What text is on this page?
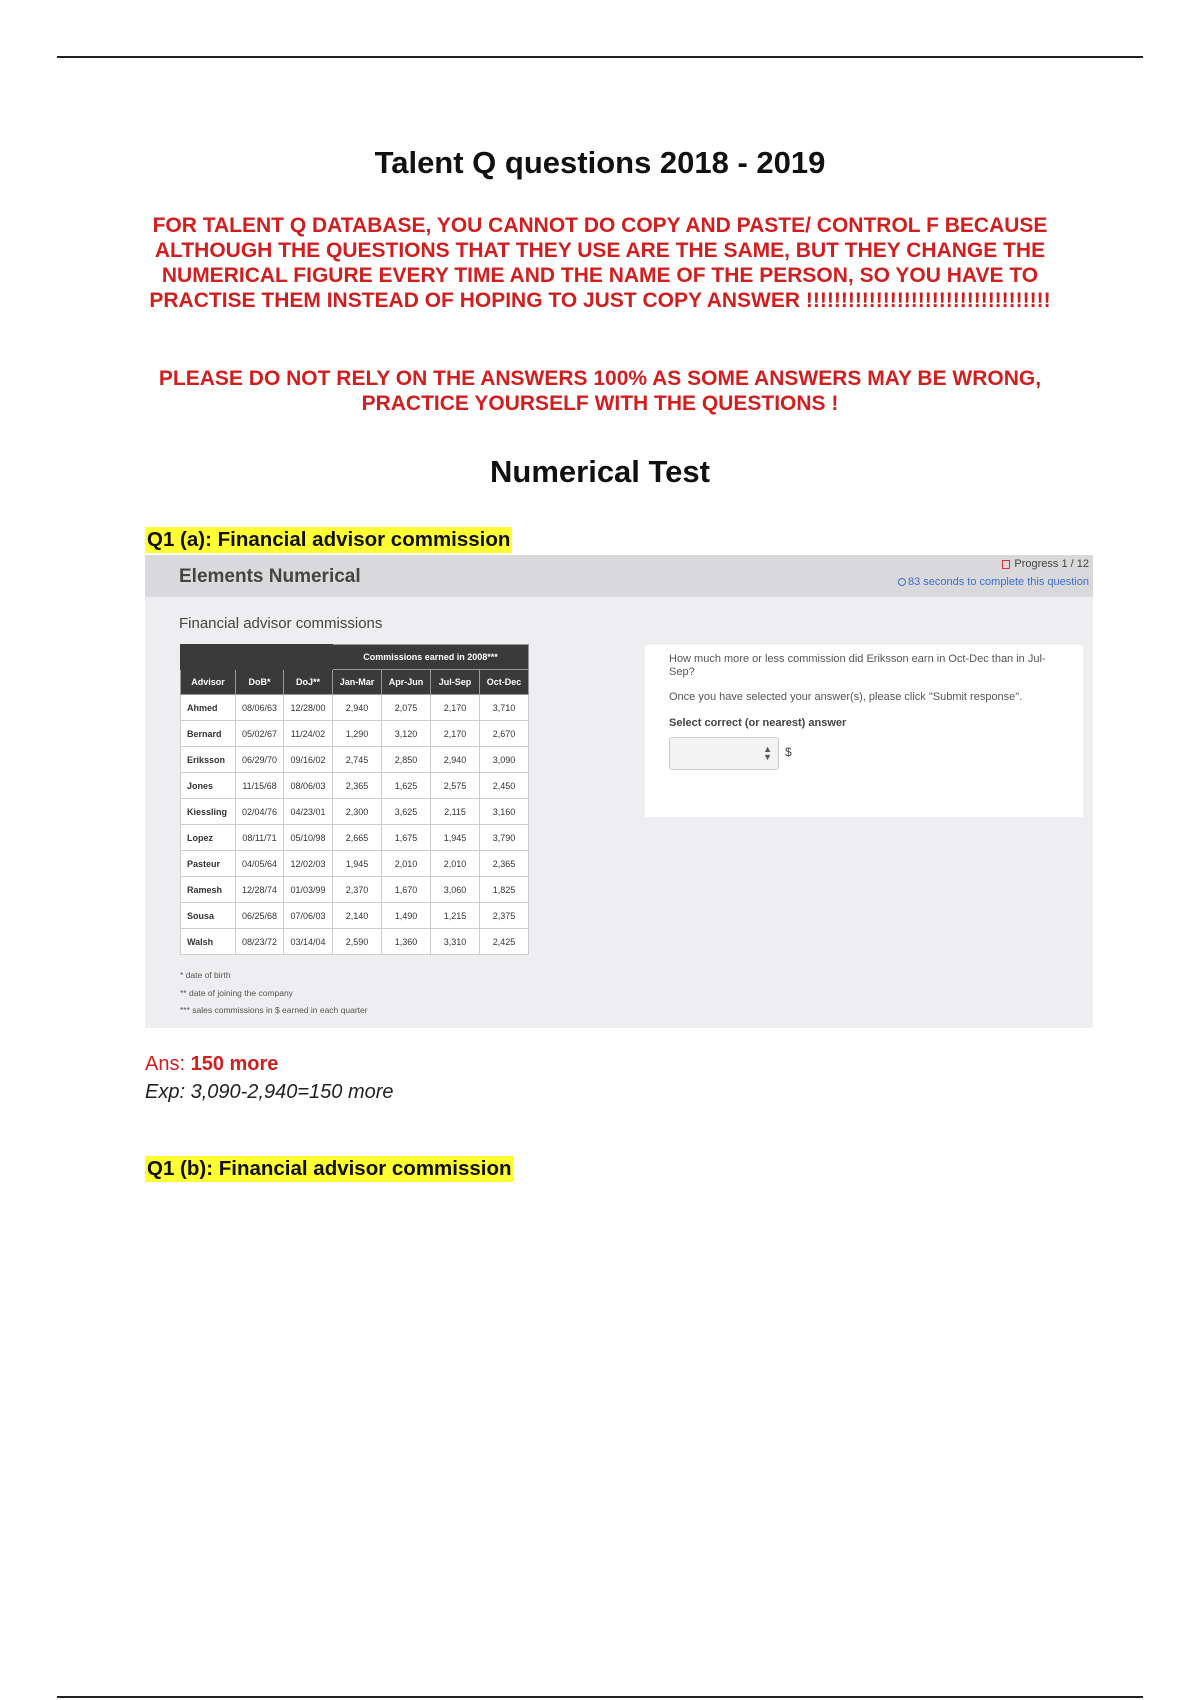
Talent Q questions 2018 - 2019
FOR TALENT Q DATABASE, YOU CANNOT DO COPY AND PASTE/ CONTROL F BECAUSE ALTHOUGH THE QUESTIONS THAT THEY USE ARE THE SAME, BUT THEY CHANGE THE NUMERICAL FIGURE EVERY TIME AND THE NAME OF THE PERSON, SO YOU HAVE TO PRACTISE THEM INSTEAD OF HOPING TO JUST COPY ANSWER !!!!!!!!!!!!!!!!!!!!!!!!!!!!!!!!!!!
PLEASE DO NOT RELY ON THE ANSWERS 100% AS SOME ANSWERS MAY BE WRONG, PRACTICE YOURSELF WITH THE QUESTIONS !
Numerical Test
Q1 (a): Financial advisor commission
Elements Numerical
Progress 1 / 12
83 seconds to complete this question
Financial advisor commissions
			Commissions earned in 2008***			
Advisor	DoB*	DoJ**	Jan-Mar	Apr-Jun	Jul-Sep	Oct-Dec
Ahmed	08/06/63	12/28/00	2,940	2,075	2,170	3,710
Bernard	05/02/67	11/24/02	1,290	3,120	2,170	2,670
Eriksson	06/29/70	09/16/02	2,745	2,850	2,940	3,090
Jones	11/15/68	08/06/03	2,365	1,625	2,575	2,450
Kiessling	02/04/76	04/23/01	2,300	3,625	2,115	3,160
Lopez	08/11/71	05/10/98	2,665	1,675	1,945	3,790
Pasteur	04/05/64	12/02/03	1,945	2,010	2,010	2,365
Ramesh	12/28/74	01/03/99	2,370	1,670	3,060	1,825
Sousa	06/25/68	07/06/03	2,140	1,490	1,215	2,375
Walsh	08/23/72	03/14/04	2,590	1,360	3,310	2,425
* date of birth
** date of joining the company
*** sales commissions in $ earned in each quarter
How much more or less commission did Eriksson earn in Oct-Dec than in Jul-Sep?
Once you have selected your answer(s), please click "Submit response".
Select correct (or nearest) answer
▲
▼ $
Ans: 150 more
Exp: 3,090-2,940=150 more
Q1 (b): Financial advisor commission
